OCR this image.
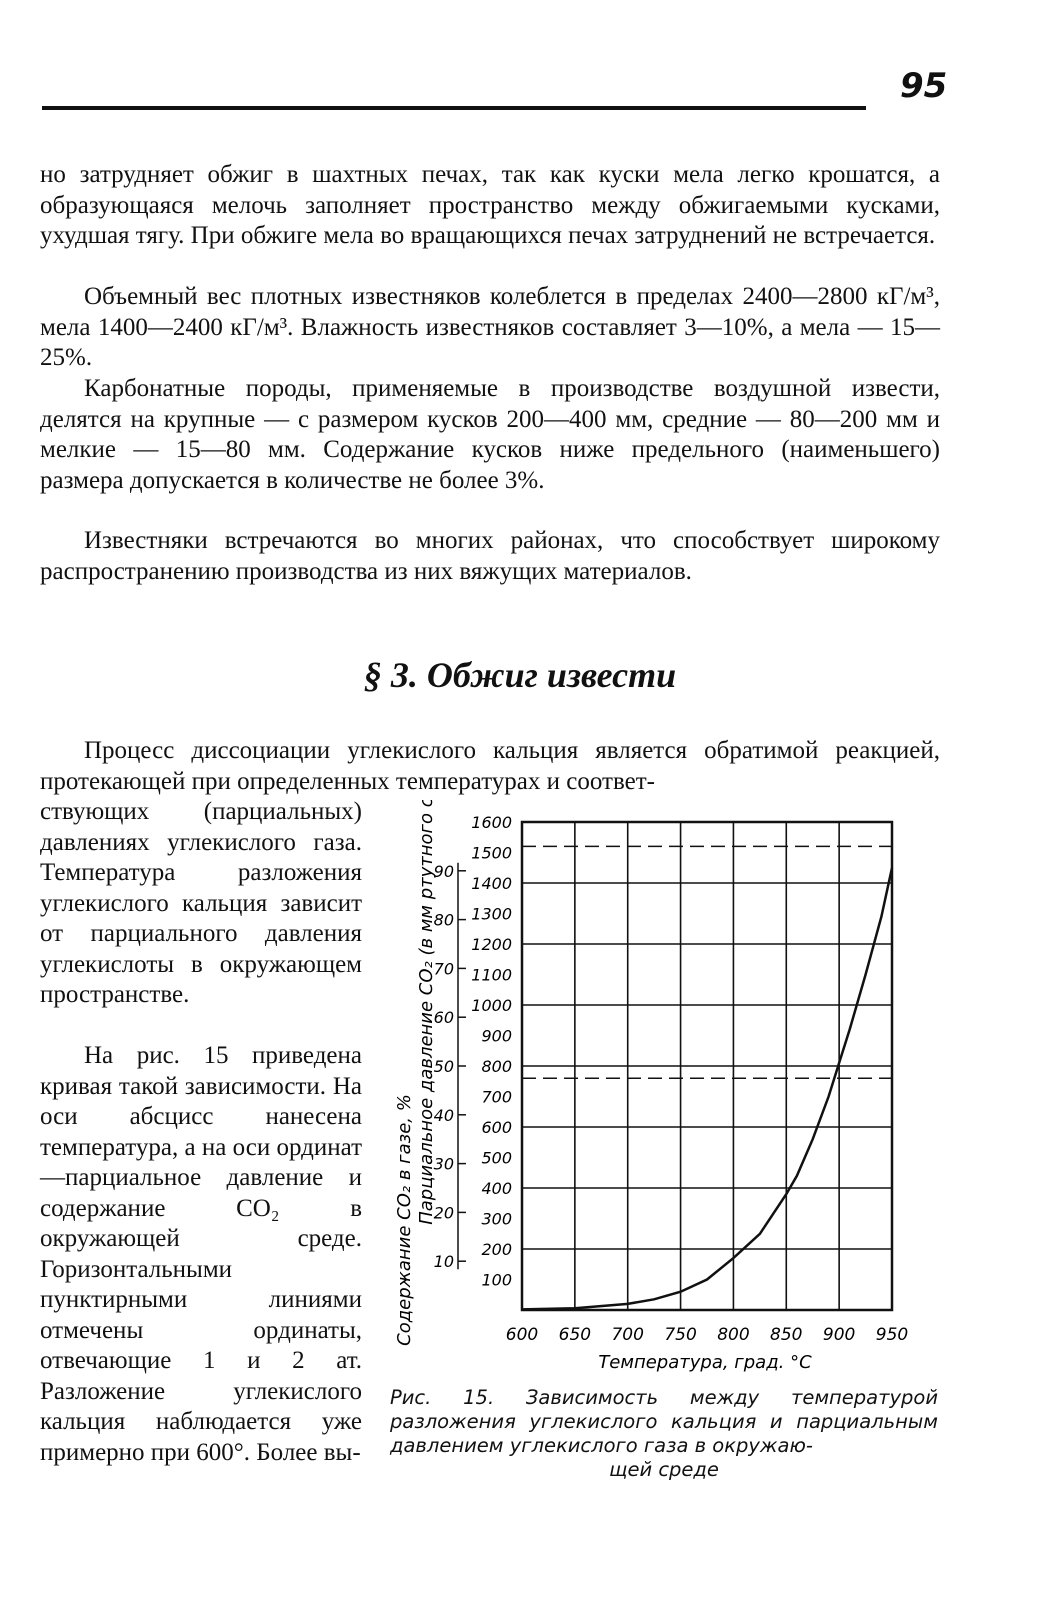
95

но затрудняет обжиг в шахтных печах, так как куски мела легко крошатся, а образующаяся мелочь заполняет пространство между обжигаемыми кусками, ухудшая тягу. При обжиге мела во вращающихся печах затруднений не встречается.

Объемный вес плотных известняков колеблется в пределах 2400—2800 кГ/м³, мела 1400—2400 кГ/м³. Влажность известняков составляет 3—10%, а мела — 15—25%.

Карбонатные породы, применяемые в производстве воздушной извести, делятся на крупные — с размером кусков 200—400 мм, средние — 80—200 мм и мелкие — 15—80 мм. Содержание кусков ниже предельного (наименьшего) размера допускается в количестве не более 3%.

Известняки встречаются во многих районах, что способствует широкому распространению производства из них вяжущих материалов.

§ 3. Обжиг извести

Процесс диссоциации углекислого кальция является обратимой реакцией, протекающей при определенных температурах и соответ-

ствующих (парциальных) давлениях углекислого газа. Температура разложения углекислого кальция зависит от парциального давления углекислоты в окружающем пространстве.

На рис. 15 приведена кривая такой зависимости. На оси абсцисс нанесена температура, а на оси ординат—парциальное давление и содержание CO₂ в окружающей среде. Горизонтальными пунктирными линиями отмечены ординаты, отвечающие 1 и 2 ат. Разложение углекислого кальция наблюдается уже примерно при 600°. Более вы-

600 650 700 750 800 850 900 950
100
200
300
400
500
600
700
800
900
1000
1100
1200
1300
1400
1500
1600
10
20
30
40
50
60
70
80
90
Температура, град. °С
Парциальное давление CO₂ (в мм ртутного столба)
Содержание CO₂ в газе, %
Рис. 15. Зависимость между температурой разложения углекислого кальция и парциальным давлением углекислого газа в окружаю-
щей среде
